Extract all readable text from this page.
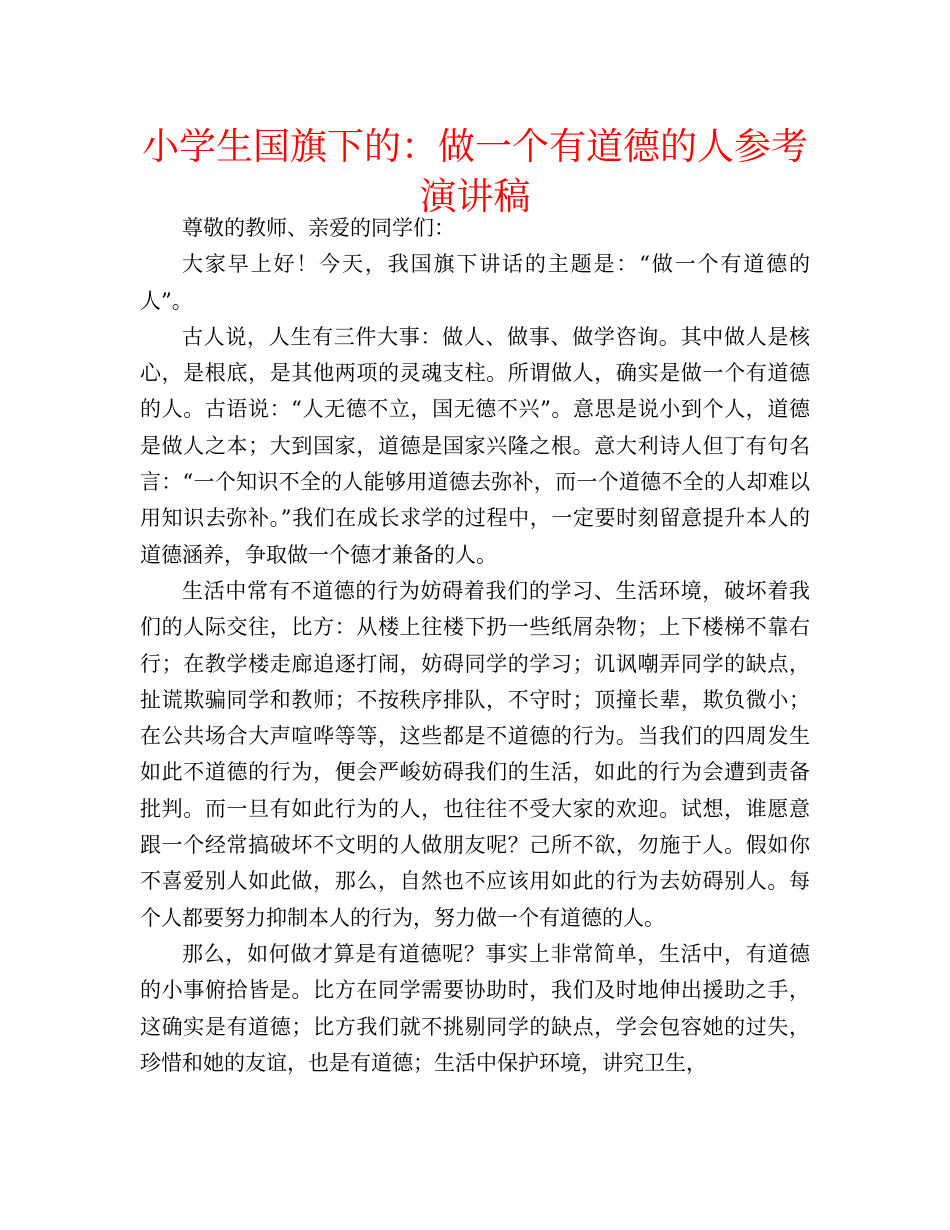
小学生国旗下的：做一个有道德的人参考演讲稿

尊敬的教师、亲爱的同学们：

大家早上好！今天，我国旗下讲话的主题是：“做一个有道德的人”。

古人说，人生有三件大事：做人、做事、做学咨询。其中做人是核心，是根底，是其他两项的灵魂支柱。所谓做人，确实是做一个有道德的人。古语说：“人无德不立，国无德不兴”。意思是说小到个人，道德是做人之本；大到国家，道德是国家兴隆之根。意大利诗人但丁有句名言：“一个知识不全的人能够用道德去弥补，而一个道德不全的人却难以用知识去弥补。”我们在成长求学的过程中，一定要时刻留意提升本人的道德涵养，争取做一个德才兼备的人。

生活中常有不道德的行为妨碍着我们的学习、生活环境，破坏着我们的人际交往，比方：从楼上往楼下扔一些纸屑杂物；上下楼梯不靠右行；在教学楼走廊追逐打闹，妨碍同学的学习；讥讽嘲弄同学的缺点，扯谎欺骗同学和教师；不按秩序排队，不守时；顶撞长辈，欺负微小；在公共场合大声喧哗等等，这些都是不道德的行为。当我们的四周发生如此不道德的行为，便会严峻妨碍我们的生活，如此的行为会遭到责备批判。而一旦有如此行为的人，也往往不受大家的欢迎。试想，谁愿意跟一个经常搞破坏不文明的人做朋友呢？己所不欲，勿施于人。假如你不喜爱别人如此做，那么，自然也不应该用如此的行为去妨碍别人。每个人都要努力抑制本人的行为，努力做一个有道德的人。

那么，如何做才算是有道德呢？事实上非常简单，生活中，有道德的小事俯拾皆是。比方在同学需要协助时，我们及时地伸出援助之手，这确实是有道德；比方我们就不挑剔同学的缺点，学会包容她的过失，珍惜和她的友谊，也是有道德；生活中保护环境，讲究卫生，
